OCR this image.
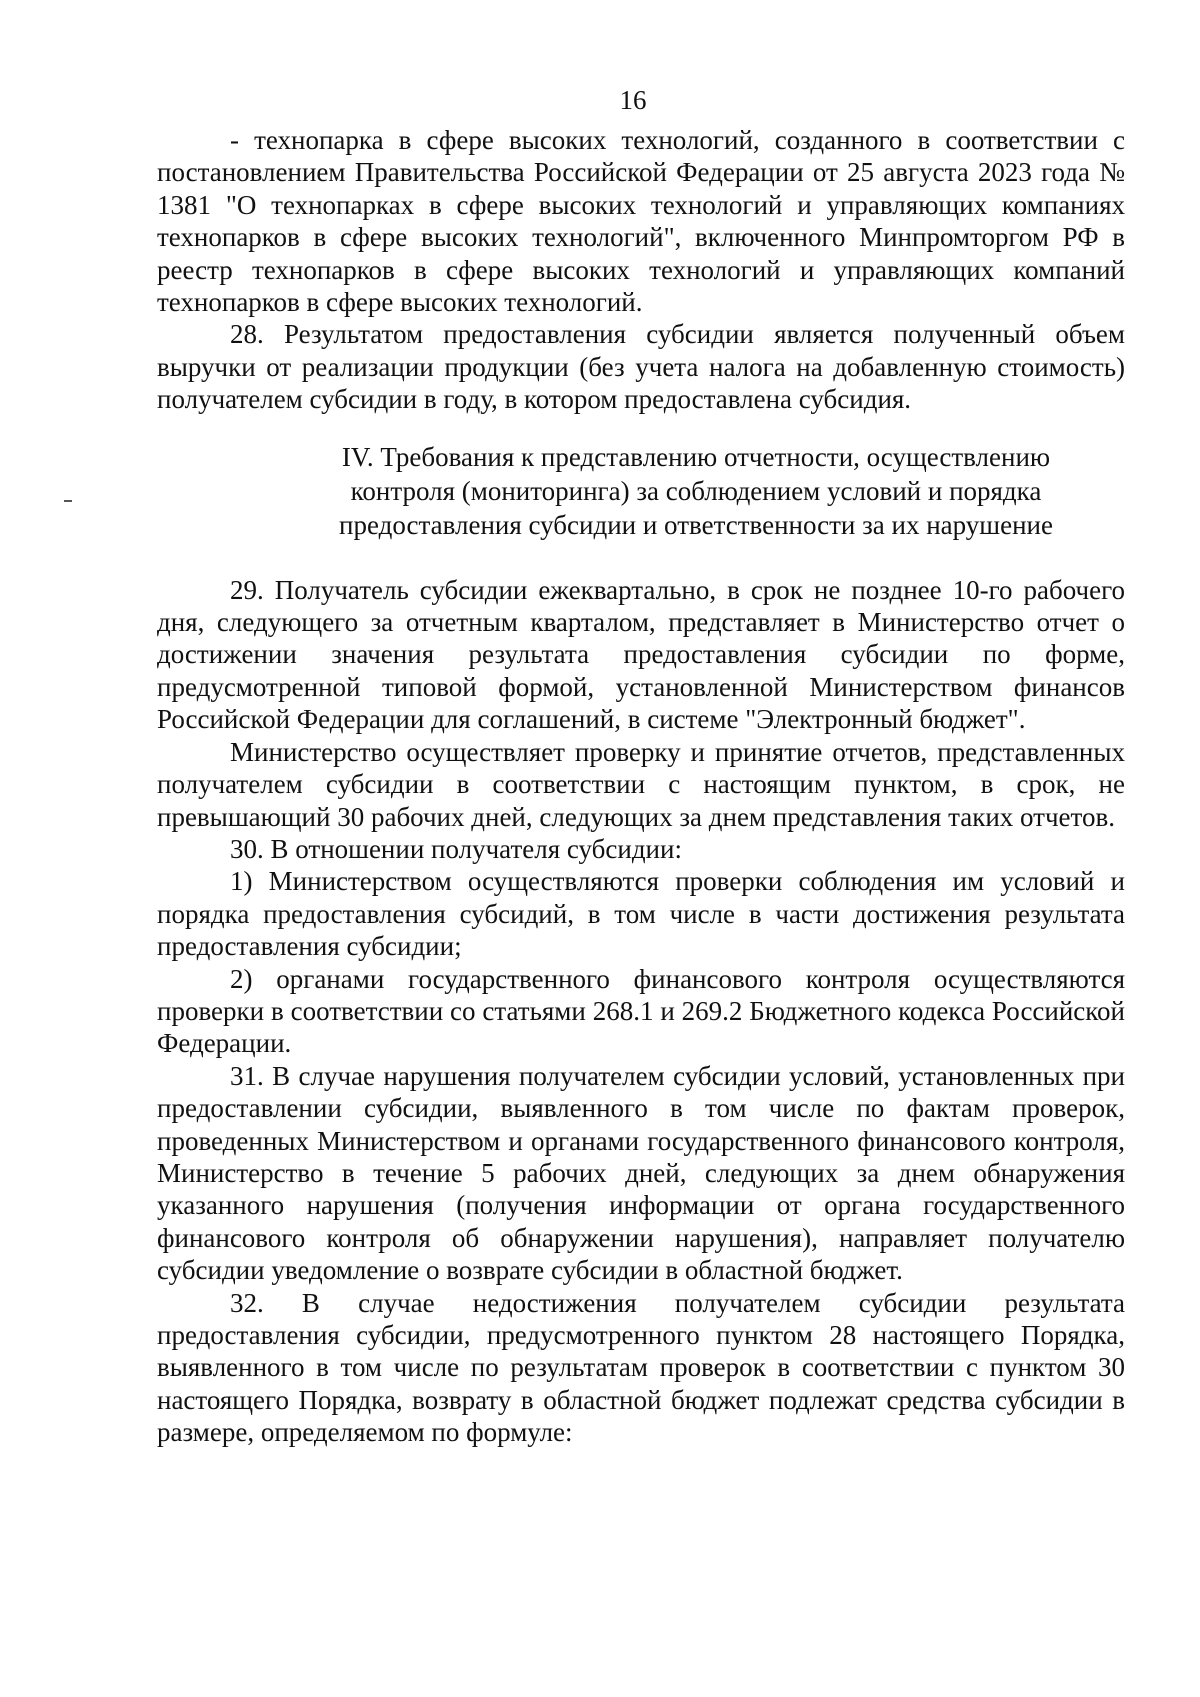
16

- технопарка в сфере высоких технологий, созданного в соответствии с постановлением Правительства Российской Федерации от 25 августа 2023 года № 1381 "О технопарках в сфере высоких технологий и управляющих компаниях технопарков в сфере высоких технологий", включенного Минпромторгом РФ в реестр технопарков в сфере высоких технологий и управляющих компаний технопарков в сфере высоких технологий.

28. Результатом предоставления субсидии является полученный объем выручки от реализации продукции (без учета налога на добавленную стоимость) получателем субсидии в году, в котором предоставлена субсидия.

IV. Требования к представлению отчетности, осуществлению
контроля (мониторинга) за соблюдением условий и порядка
предоставления субсидии и ответственности за их нарушение

29. Получатель субсидии ежеквартально, в срок не позднее 10-го рабочего дня, следующего за отчетным кварталом, представляет в Министерство отчет о достижении значения результата предоставления субсидии по форме, предусмотренной типовой формой, установленной Министерством финансов Российской Федерации для соглашений, в системе "Электронный бюджет".

Министерство осуществляет проверку и принятие отчетов, представленных получателем субсидии в соответствии с настоящим пунктом, в срок, не превышающий 30 рабочих дней, следующих за днем представления таких отчетов.

30. В отношении получателя субсидии:

1) Министерством осуществляются проверки соблюдения им условий и порядка предоставления субсидий, в том числе в части достижения результата предоставления субсидии;

2) органами государственного финансового контроля осуществляются проверки в соответствии со статьями 268.1 и 269.2 Бюджетного кодекса Российской Федерации.

31. В случае нарушения получателем субсидии условий, установленных при предоставлении субсидии, выявленного в том числе по фактам проверок, проведенных Министерством и органами государственного финансового контроля, Министерство в течение 5 рабочих дней, следующих за днем обнаружения указанного нарушения (получения информации от органа государственного финансового контроля об обнаружении нарушения), направляет получателю субсидии уведомление о возврате субсидии в областной бюджет.

32. В случае недостижения получателем субсидии результата предоставления субсидии, предусмотренного пунктом 28 настоящего Порядка, выявленного в том числе по результатам проверок в соответствии с пунктом 30 настоящего Порядка, возврату в областной бюджет подлежат средства субсидии в размере, определяемом по формуле:
